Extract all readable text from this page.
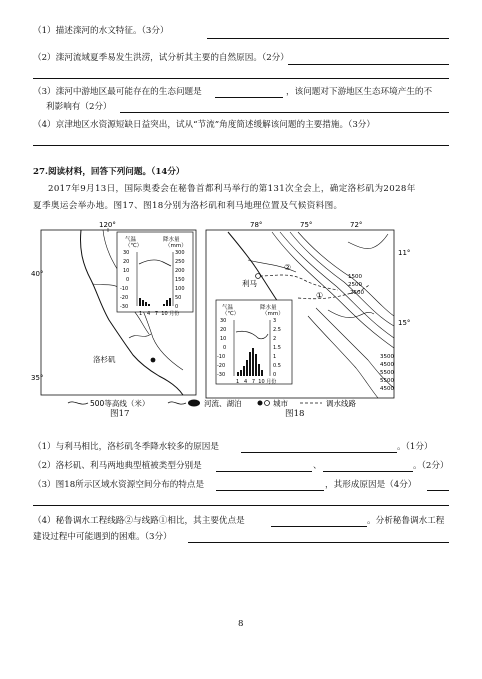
（1）描述滦河的水文特征。（3分）
（2）滦河流域夏季易发生洪涝，试分析其主要的自然原因。（2分）
（3）滦河中游地区最可能存在的生态问题是	，该问题对下游地区生态环境产生的不
利影响有（2分）
（4）京津地区水资源短缺日益突出，试从“节流”角度简述缓解该问题的主要措施。（3分）
27.阅读材料，回答下列问题。（14分）
2017年9月13日，国际奥委会在秘鲁首都利马举行的第131次全会上，确定洛杉矶为2028年
夏季奥运会举办地。图17、图18分别为洛杉矶和利马地理位置及气候资料图。
120°
40°
35°
洛杉矶
气温
（℃）
降水量
（mm）
30
20
10
0
-10
-20
-30
300
250
200
150
100
50
0
1   4   7  10 月份
图17
78°	75°	72°
11°
15°
②
①
1500
2500
2500
3500
4500
5500
5500
4500
利马
气温
（℃）
降水量
（mm）
30
20
10
0
-10
-20
-30
3
2.5
2
1.5
1
0.5
0
1   4   7  10 月份
图18
500等高线（米）	河流、湖泊	城市	调水线路
（1）与利马相比，洛杉矶冬季降水较多的原因是	。（1分）
（2）洛杉矶、利马两地典型植被类型分别是	、	。（2分）
（3）图18所示区域水资源空间分布的特点是	，其形成原因是（4分）
（4）秘鲁调水工程线路②与线路①相比，其主要优点是	。分析秘鲁调水工程
建设过程中可能遇到的困难。（3分）
8
